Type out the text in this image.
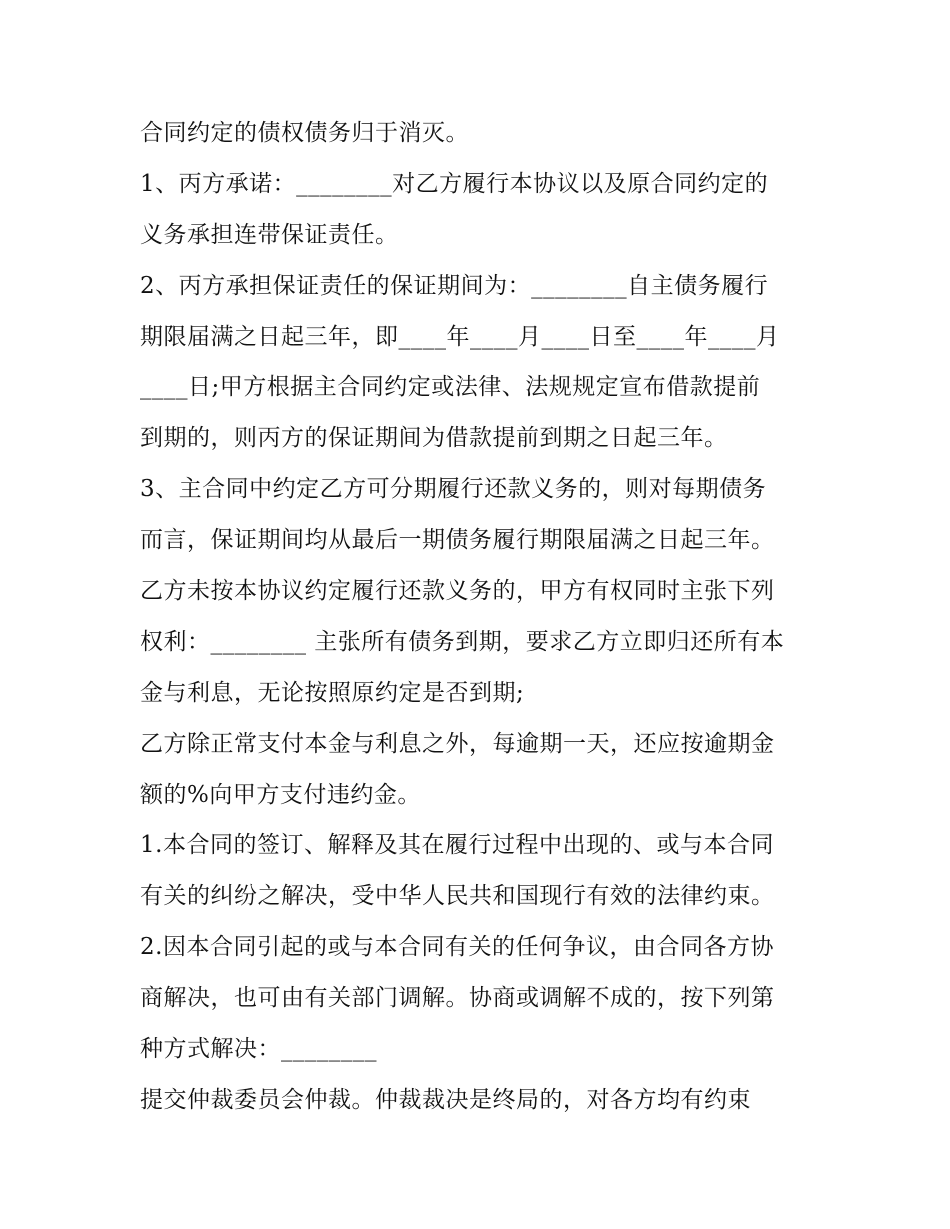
合同约定的债权债务归于消灭。
1、丙方承诺：________对乙方履行本协议以及原合同约定的
义务承担连带保证责任。
2、丙方承担保证责任的保证期间为：________自主债务履行
期限届满之日起三年，即____年____月____日至____年____月
____日;甲方根据主合同约定或法律、法规规定宣布借款提前
到期的，则丙方的保证期间为借款提前到期之日起三年。
3、主合同中约定乙方可分期履行还款义务的，则对每期债务
而言，保证期间均从最后一期债务履行期限届满之日起三年。
乙方未按本协议约定履行还款义务的，甲方有权同时主张下列
权利：________ 主张所有债务到期，要求乙方立即归还所有本
金与利息，无论按照原约定是否到期;
乙方除正常支付本金与利息之外，每逾期一天，还应按逾期金
额的%向甲方支付违约金。
1.本合同的签订、解释及其在履行过程中出现的、或与本合同
有关的纠纷之解决，受中华人民共和国现行有效的法律约束。
2.因本合同引起的或与本合同有关的任何争议，由合同各方协
商解决，也可由有关部门调解。协商或调解不成的，按下列第
种方式解决：________
提交仲裁委员会仲裁。仲裁裁决是终局的，对各方均有约束
